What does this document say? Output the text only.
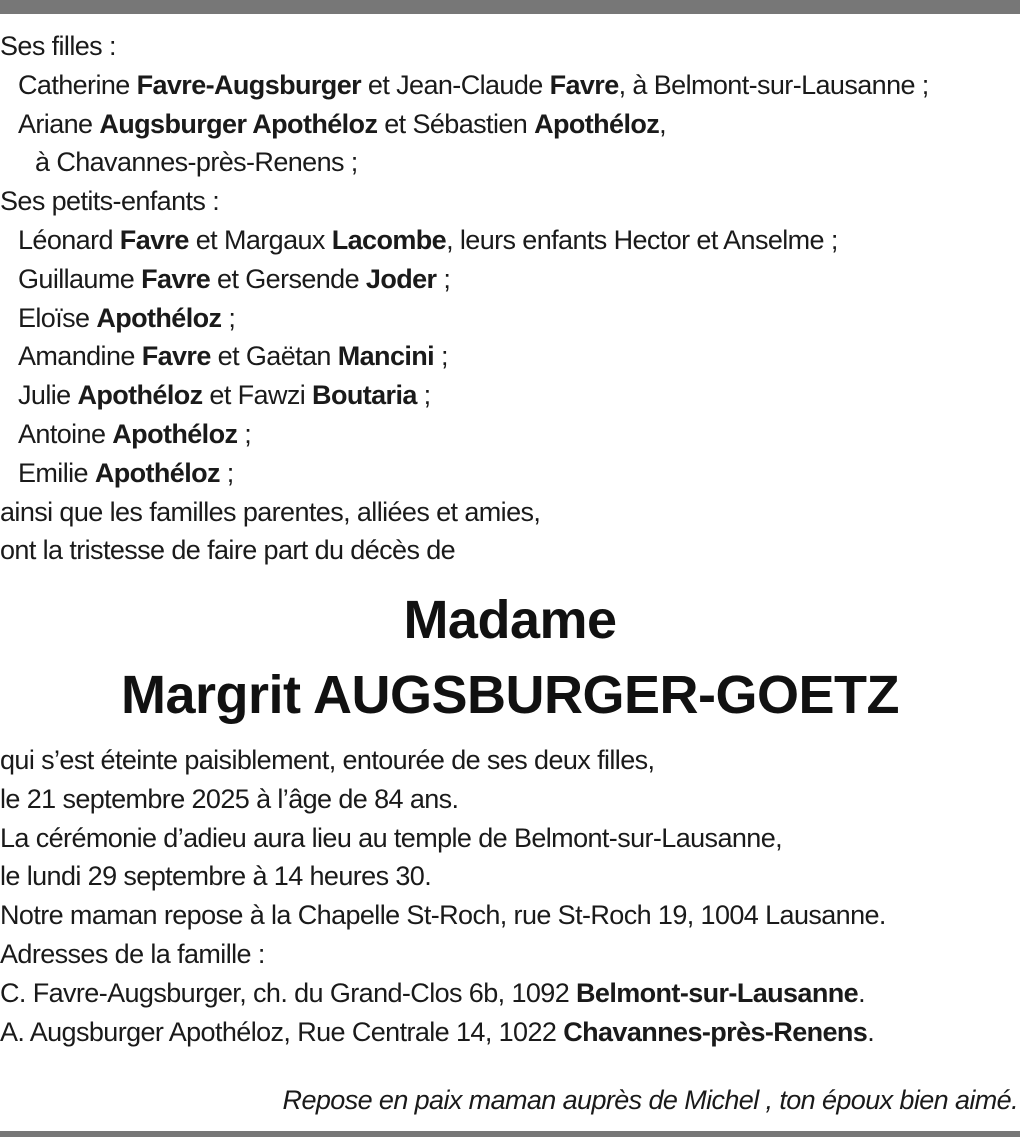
Ses filles :
Catherine Favre-Augsburger et Jean-Claude Favre, à Belmont-sur-Lausanne ;
Ariane Augsburger Apothéloz et Sébastien Apothéloz,
à Chavannes-près-Renens ;
Ses petits-enfants :
Léonard Favre et Margaux Lacombe, leurs enfants Hector et Anselme ;
Guillaume Favre et Gersende Joder ;
Eloïse Apothéloz ;
Amandine Favre et Gaëtan Mancini ;
Julie Apothéloz et Fawzi Boutaria ;
Antoine Apothéloz ;
Emilie Apothéloz ;
ainsi que les familles parentes, alliées et amies,
ont la tristesse de faire part du décès de
Madame
Margrit AUGSBURGER-GOETZ
qui s’est éteinte paisiblement, entourée de ses deux filles,
le 21 septembre 2025 à l’âge de 84 ans.
La cérémonie d’adieu aura lieu au temple de Belmont-sur-Lausanne,
le lundi 29 septembre à 14 heures 30.
Notre maman repose à la Chapelle St-Roch, rue St-Roch 19, 1004 Lausanne.
Adresses de la famille :
C. Favre-Augsburger, ch. du Grand-Clos 6b, 1092 Belmont-sur-Lausanne.
A. Augsburger Apothéloz, Rue Centrale 14, 1022 Chavannes-près-Renens.
Repose en paix maman auprès de Michel , ton époux bien aimé.
